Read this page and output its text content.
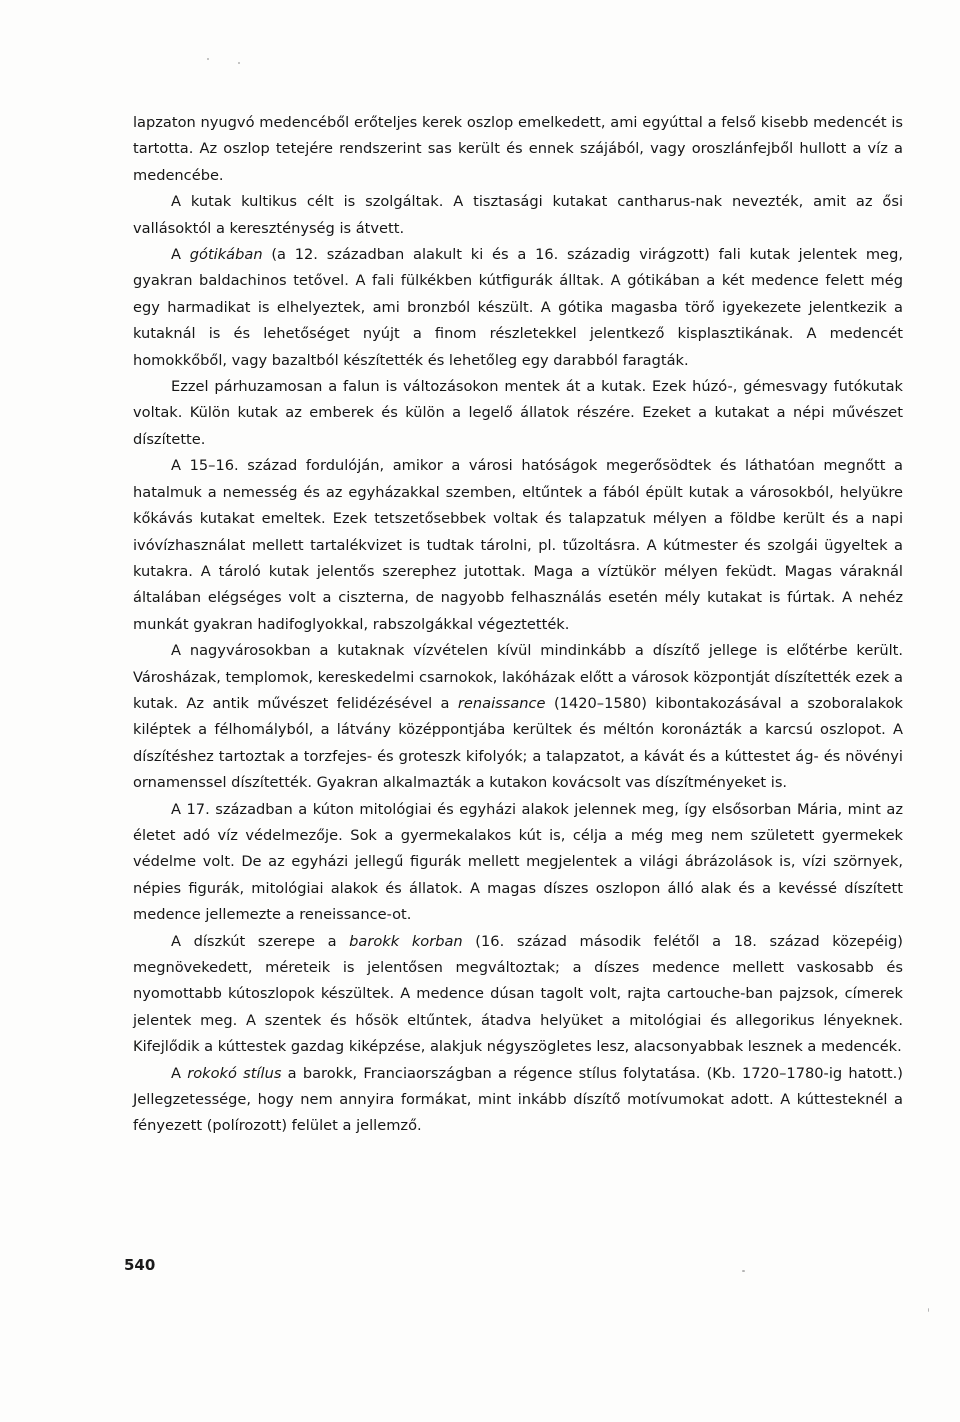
lapzaton nyugvó medencéből erőteljes kerek oszlop emelkedett, ami egyúttal a felső kisebb medencét is tartotta. Az oszlop tetejére rendszerint sas került és ennek szájából, vagy oroszlánfejből hullott a víz a medencébe.

A kutak kultikus célt is szolgáltak. A tisztasági kutakat cantharus-nak nevezték, amit az ősi vallásoktól a kereszténység is átvett.

A gótikában (a 12. században alakult ki és a 16. századig virágzott) fali kutak jelentek meg, gyakran baldachinos tetővel. A fali fülkékben kútfigurák álltak. A gótikában a két medence felett még egy harmadikat is elhelyeztek, ami bronzból készült. A gótika magasba törő igyekezete jelentkezik a kutaknál is és lehetőséget nyújt a finom részletekkel jelentkező kisplasztikának. A medencét homokkőből, vagy bazaltból készítették és lehetőleg egy darabból faragták.

Ezzel párhuzamosan a falun is változásokon mentek át a kutak. Ezek húzó-, gémesvagy futókutak voltak. Külön kutak az emberek és külön a legelő állatok részére. Ezeket a kutakat a népi művészet díszítette.

A 15–16. század fordulóján, amikor a városi hatóságok megerősödtek és láthatóan megnőtt a hatalmuk a nemesség és az egyházakkal szemben, eltűntek a fából épült kutak a városokból, helyükre kőkávás kutakat emeltek. Ezek tetszetősebbek voltak és talapzatuk mélyen a földbe került és a napi ivóvízhasználat mellett tartalékvizet is tudtak tárolni, pl. tűzoltásra. A kútmester és szolgái ügyeltek a kutakra. A tároló kutak jelentős szerephez jutottak. Maga a víztükör mélyen feküdt. Magas váraknál általában elégséges volt a ciszterna, de nagyobb felhasználás esetén mély kutakat is fúrtak. A nehéz munkát gyakran hadifoglyokkal, rabszolgákkal végeztették.

A nagyvárosokban a kutaknak vízvételen kívül mindinkább a díszítő jellege is előtérbe került. Városházak, templomok, kereskedelmi csarnokok, lakóházak előtt a városok központját díszítették ezek a kutak. Az antik művészet felidézésével a renaissance (1420–1580) kibontakozásával a szoboralakok kiléptek a félhomályból, a látvány középpontjába kerültek és méltón koronázták a karcsú oszlopot. A díszítéshez tartoztak a torzfejes- és groteszk kifolyók; a talapzatot, a kávát és a kúttestet ág- és növényi ornamenssel díszítették. Gyakran alkalmazták a kutakon kovácsolt vas díszítményeket is.

A 17. században a kúton mitológiai és egyházi alakok jelennek meg, így elsősorban Mária, mint az életet adó víz védelmezője. Sok a gyermekalakos kút is, célja a még meg nem született gyermekek védelme volt. De az egyházi jellegű figurák mellett megjelentek a világi ábrázolások is, vízi szörnyek, népies figurák, mitológiai alakok és állatok. A magas díszes oszlopon álló alak és a kevéssé díszített medence jellemezte a reneissance-ot.

A díszkút szerepe a barokk korban (16. század második felétől a 18. század közepéig) megnövekedett, méreteik is jelentősen megváltoztak; a díszes medence mellett vaskosabb és nyomottabb kútoszlopok készültek. A medence dúsan tagolt volt, rajta cartouche-ban pajzsok, címerek jelentek meg. A szentek és hősök eltűntek, átadva helyüket a mitológiai és allegorikus lényeknek. Kifejlődik a kúttestek gazdag kiképzése, alakjuk négyszögletes lesz, alacsonyabbak lesznek a medencék.

A rokokó stílus a barokk, Franciaországban a régence stílus folytatása. (Kb. 1720–1780-ig hatott.) Jellegzetessége, hogy nem annyira formákat, mint inkább díszítő motívumokat adott. A kúttesteknél a fényezett (polírozott) felület a jellemző.

540
